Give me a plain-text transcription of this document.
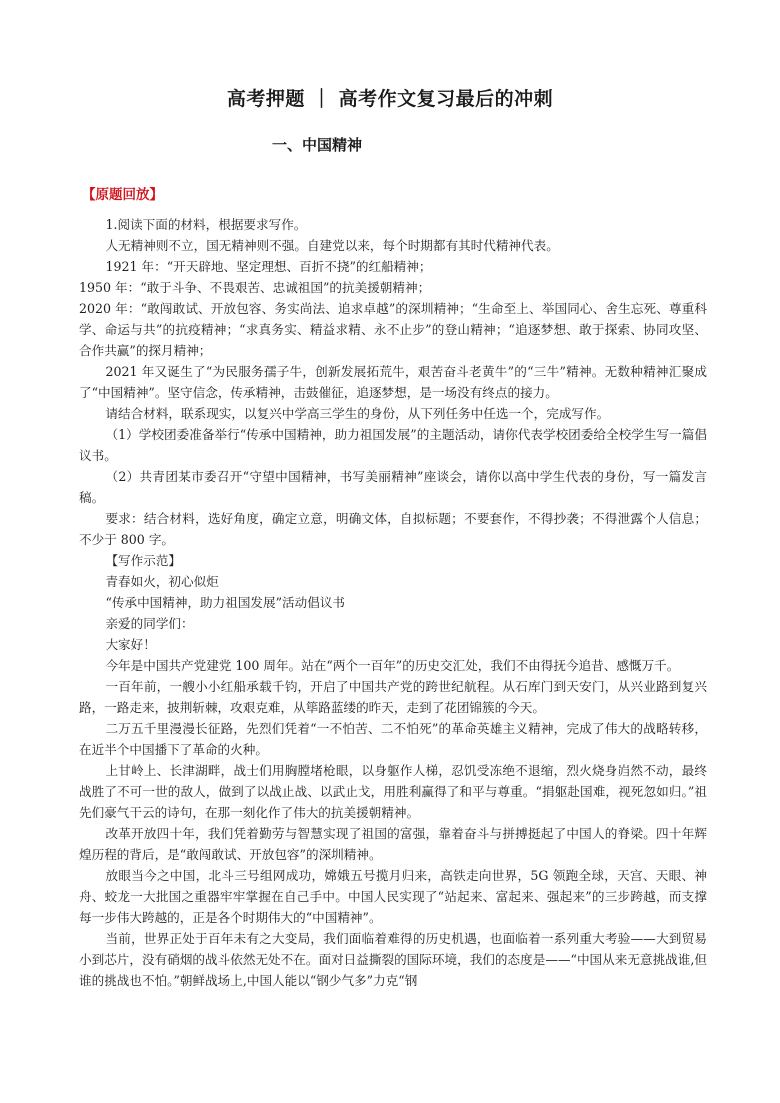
高考押题 ｜ 高考作文复习最后的冲刺
一、中国精神
【原题回放】

1.阅读下面的材料，根据要求写作。

人无精神则不立，国无精神则不强。自建党以来，每个时期都有其时代精神代表。

1921 年：“开天辟地、坚定理想、百折不挠”的红船精神；

1950 年：“敢于斗争、不畏艰苦、忠诚祖国”的抗美援朝精神；

2020 年：“敢闯敢试、开放包容、务实尚法、追求卓越”的深圳精神；“生命至上、举国同心、舍生忘死、尊重科学、命运与共”的抗疫精神；“求真务实、精益求精、永不止步”的登山精神；“追逐梦想、敢于探索、协同攻坚、合作共赢”的探月精神；

2021 年又诞生了“为民服务孺子牛，创新发展拓荒牛，艰苦奋斗老黄牛”的“三牛”精神。无数种精神汇聚成了“中国精神”。坚守信念，传承精神，击鼓催征，追逐梦想，是一场没有终点的接力。

请结合材料，联系现实，以复兴中学高三学生的身份，从下列任务中任选一个，完成写作。

（1）学校团委准备举行“传承中国精神，助力祖国发展”的主题活动，请你代表学校团委给全校学生写一篇倡议书。

（2）共青团某市委召开“守望中国精神，书写美丽精神”座谈会，请你以高中学生代表的身份，写一篇发言稿。

要求：结合材料，选好角度，确定立意，明确文体，自拟标题；不要套作，不得抄袭；不得泄露个人信息；不少于 800 字。

【写作示范】

青春如火，初心似炬

“传承中国精神，助力祖国发展”活动倡议书

亲爱的同学们：

大家好！

今年是中国共产党建党 100 周年。站在“两个一百年”的历史交汇处，我们不由得抚今追昔、感慨万千。

一百年前，一艘小小红船承载千钧，开启了中国共产党的跨世纪航程。从石库门到天安门，从兴业路到复兴路，一路走来，披荆斩棘，攻艰克难，从筚路蓝缕的昨天，走到了花团锦簇的今天。

二万五千里漫漫长征路，先烈们凭着“一不怕苦、二不怕死”的革命英雄主义精神，完成了伟大的战略转移，在近半个中国播下了革命的火种。

上甘岭上、长津湖畔，战士们用胸膛堵枪眼，以身躯作人梯，忍饥受冻绝不退缩，烈火烧身岿然不动，最终战胜了不可一世的敌人，做到了以战止战、以武止戈，用胜利赢得了和平与尊重。“捐躯赴国难，视死忽如归。”祖先们豪气干云的诗句，在那一刻化作了伟大的抗美援朝精神。

改革开放四十年，我们凭着勤劳与智慧实现了祖国的富强，靠着奋斗与拼搏挺起了中国人的脊梁。四十年辉煌历程的背后，是“敢闯敢试、开放包容”的深圳精神。

放眼当今之中国，北斗三号组网成功，嫦娥五号揽月归来，高铁走向世界，5G 领跑全球，天宫、天眼、神舟、蛟龙一大批国之重器牢牢掌握在自己手中。中国人民实现了“站起来、富起来、强起来”的三步跨越，而支撑每一步伟大跨越的，正是各个时期伟大的“中国精神”。

当前，世界正处于百年未有之大变局，我们面临着难得的历史机遇，也面临着一系列重大考验——大到贸易小到芯片，没有硝烟的战斗依然无处不在。面对日益撕裂的国际环境，我们的态度是——“中国从来无意挑战谁,但谁的挑战也不怕。”朝鲜战场上,中国人能以“钢少气多”力克“钢
